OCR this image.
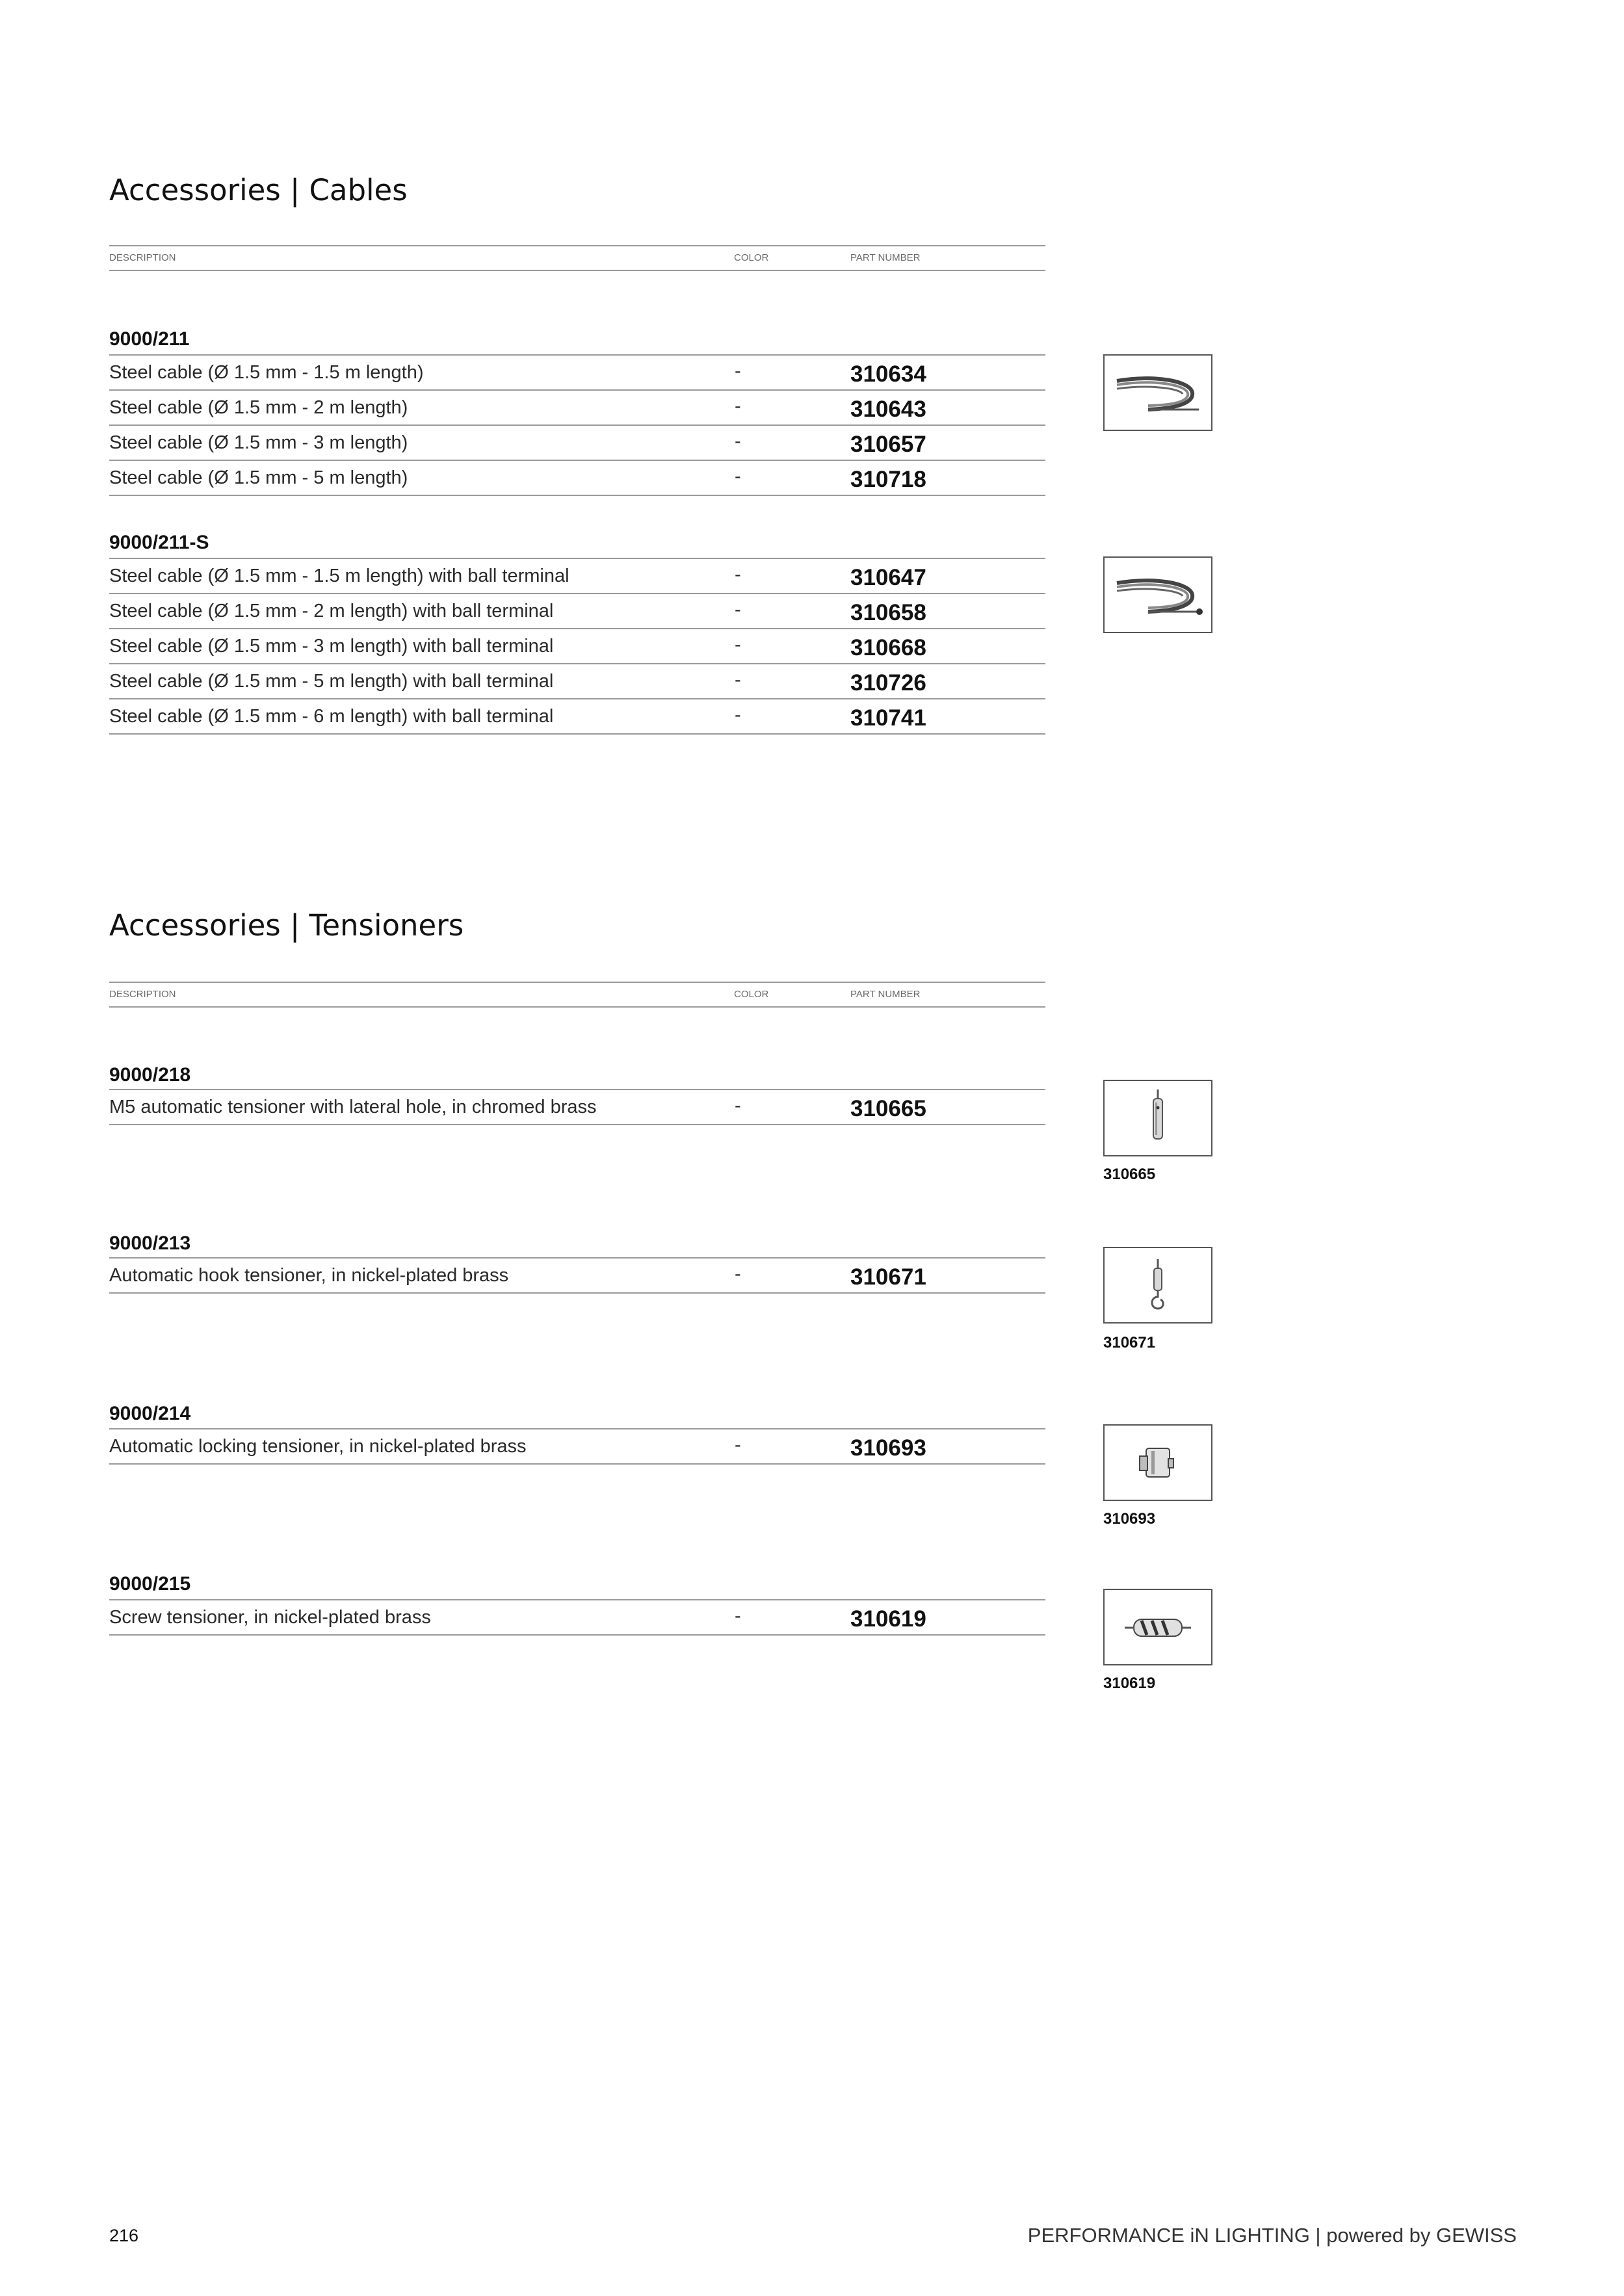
Accessories | Cables
DESCRIPTION	COLOR	PART NUMBER
9000/211
Steel cable (Ø 1.5 mm - 1.5 m length)	-	310634
Steel cable (Ø 1.5 mm - 2 m length)	-	310643
Steel cable (Ø 1.5 mm - 3 m length)	-	310657
Steel cable (Ø 1.5 mm - 5 m length)	-	310718
9000/211-S
Steel cable (Ø 1.5 mm - 1.5 m length) with ball terminal	-	310647
Steel cable (Ø 1.5 mm - 2 m length) with ball terminal	-	310658
Steel cable (Ø 1.5 mm - 3 m length) with ball terminal	-	310668
Steel cable (Ø 1.5 mm - 5 m length) with ball terminal	-	310726
Steel cable (Ø 1.5 mm - 6 m length) with ball terminal	-	310741
Accessories | Tensioners
DESCRIPTION	COLOR	PART NUMBER
9000/218
M5 automatic tensioner with lateral hole, in chromed brass	-	310665
310665
9000/213
Automatic hook tensioner, in nickel-plated brass	-	310671
310671
9000/214
Automatic locking tensioner, in nickel-plated brass	-	310693
310693
9000/215
Screw tensioner, in nickel-plated brass	-	310619
310619
216	PERFORMANCE iN LIGHTING | powered by GEWISS
